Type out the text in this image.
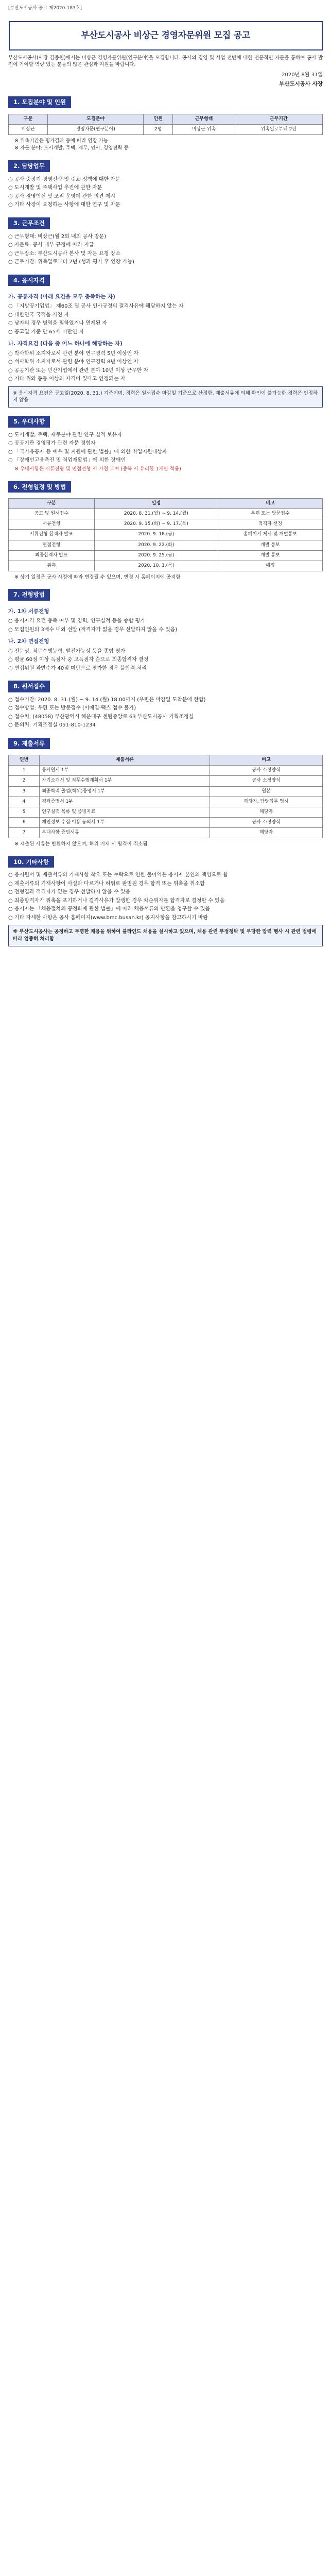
[부산도시공사 공고 제2020-183호]
부산도시공사 비상근 경영자문위원 모집 공고
부산도시공사(사장 김종원)에서는 비상근 경영자문위원(연구분야)을 모집합니다. 공사의 경영 및 사업 전반에 대한 전문적인 자문을 통하여 공사 발전에 기여할 역량 있는 분들의 많은 관심과 지원을 바랍니다.
2020년 8월 31일
부산도시공사 사장
1. 모집분야 및 인원
구분	모집분야	인원	근무형태	근무기간
비상근	경영자문(연구분야)	2명	비상근 위촉	위촉일로부터 2년
※ 위촉기간은 평가결과 등에 따라 연장 가능
※ 자문 분야: 도시개발, 주택, 재무, 인사, 경영전략 등
2. 담당업무
○ 공사 중장기 경영전략 및 주요 정책에 대한 자문
○ 도시개발 및 주택사업 추진에 관한 자문
○ 공사 경영혁신 및 조직 운영에 관한 의견 제시
○ 기타 사장이 요청하는 사항에 대한 연구 및 자문
3. 근무조건
○ 근무형태: 비상근(월 2회 내외 공사 방문)
○ 자문료: 공사 내부 규정에 따라 지급
○ 근무장소: 부산도시공사 본사 및 자문 요청 장소
○ 근무기간: 위촉일로부터 2년 (성과 평가 후 연장 가능)
4. 응시자격
가. 공통자격 (아래 요건을 모두 충족하는 자)
○ 「지방공기업법」 제60조 및 공사 인사규정의 결격사유에 해당하지 않는 자
○ 대한민국 국적을 가진 자
○ 남자의 경우 병역을 필하였거나 면제된 자
○ 공고일 기준 만 65세 미만인 자
나. 자격요건 (다음 중 어느 하나에 해당하는 자)
○ 박사학위 소지자로서 관련 분야 연구경력 5년 이상인 자
○ 석사학위 소지자로서 관련 분야 연구경력 8년 이상인 자
○ 공공기관 또는 민간기업에서 관련 분야 10년 이상 근무한 자
○ 기타 위와 동등 이상의 자격이 있다고 인정되는 자
※ 응시자격 요건은 공고일(2020. 8. 31.) 기준이며, 경력은 원서접수 마감일 기준으로 산정함. 제출서류에 의해 확인이 불가능한 경력은 인정하지 않음
5. 우대사항
○ 도시개발, 주택, 재무분야 관련 연구 실적 보유자
○ 공공기관 경영평가 관련 자문 경험자
○ 「국가유공자 등 예우 및 지원에 관한 법률」에 의한 취업지원대상자
○ 「장애인고용촉진 및 직업재활법」에 의한 장애인
※ 우대사항은 서류전형 및 면접전형 시 가점 부여 (중복 시 유리한 1개만 적용)
6. 전형일정 및 방법
구분	일정	비고
공고 및 원서접수	2020. 8. 31.(월) ~ 9. 14.(월)	우편 또는 방문접수
서류전형	2020. 9. 15.(화) ~ 9. 17.(목)	적격자 선정
서류전형 합격자 발표	2020. 9. 18.(금)	홈페이지 게시 및 개별통보
면접전형	2020. 9. 22.(화)	개별 통보
최종합격자 발표	2020. 9. 25.(금)	개별 통보
위촉	2020. 10. 1.(목)	예정
※ 상기 일정은 공사 사정에 따라 변경될 수 있으며, 변경 시 홈페이지에 공지함
7. 전형방법
가. 1차 서류전형
○ 응시자격 요건 충족 여부 및 경력, 연구실적 등을 종합 평가
○ 모집인원의 3배수 내외 선발 (적격자가 없을 경우 선발하지 않을 수 있음)
나. 2차 면접전형
○ 전문성, 직무수행능력, 발전가능성 등을 종합 평가
○ 평균 60점 이상 득점자 중 고득점자 순으로 최종합격자 결정
○ 면접위원 과반수가 40점 미만으로 평가한 경우 불합격 처리
8. 원서접수
○ 접수기간: 2020. 8. 31.(월) ~ 9. 14.(월) 18:00까지 (우편은 마감일 도착분에 한함)
○ 접수방법: 우편 또는 방문접수 (이메일·팩스 접수 불가)
○ 접수처: (48058) 부산광역시 해운대구 센텀중앙로 63 부산도시공사 기획조정실
○ 문의처: 기획조정실 051-810-1234
9. 제출서류
연번	제출서류	비고
1	응시원서 1부	공사 소정양식
2	자기소개서 및 직무수행계획서 1부	공사 소정양식
3	최종학력 졸업(학위)증명서 1부	원본
4	경력증명서 1부	해당자, 담당업무 명시
5	연구실적 목록 및 증빙자료	해당자
6	개인정보 수집·이용 동의서 1부	공사 소정양식
7	우대사항 증빙서류	해당자
※ 제출된 서류는 반환하지 않으며, 허위 기재 시 합격이 취소됨
10. 기타사항
○ 응시원서 및 제출서류의 기재사항 착오 또는 누락으로 인한 불이익은 응시자 본인의 책임으로 함
○ 제출서류의 기재사항이 사실과 다르거나 허위로 판명된 경우 합격 또는 위촉을 취소함
○ 전형결과 적격자가 없는 경우 선발하지 않을 수 있음
○ 최종합격자가 위촉을 포기하거나 결격사유가 발생한 경우 차순위자를 합격자로 결정할 수 있음
○ 응시자는 「채용절차의 공정화에 관한 법률」에 따라 채용서류의 반환을 청구할 수 있음
○ 기타 자세한 사항은 공사 홈페이지(www.bmc.busan.kr) 공지사항을 참고하시기 바람
※ 부산도시공사는 공정하고 투명한 채용을 위하여 블라인드 채용을 실시하고 있으며, 채용 관련 부정청탁 및 부당한 압력 행사 시 관련 법령에 따라 엄중히 처리함
